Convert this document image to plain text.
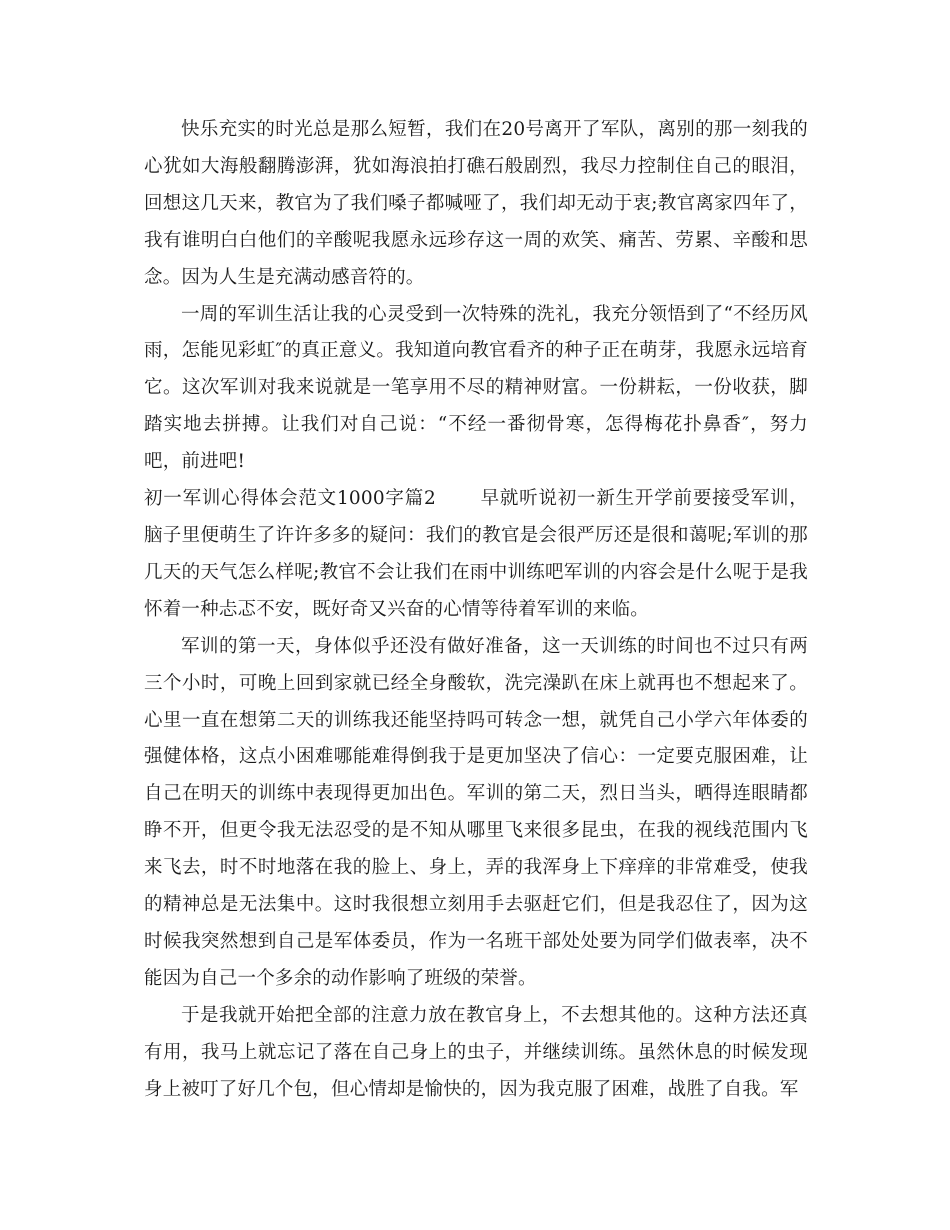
快乐充实的时光总是那么短暂，我们在20号离开了军队，离别的那一刻我的心犹如大海般翻腾澎湃，犹如海浪拍打礁石般剧烈，我尽力控制住自己的眼泪，回想这几天来，教官为了我们嗓子都喊哑了，我们却无动于衷;教官离家四年了，我有谁明白白他们的辛酸呢我愿永远珍存这一周的欢笑、痛苦、劳累、辛酸和思念。因为人生是充满动感音符的。

一周的军训生活让我的心灵受到一次特殊的洗礼，我充分领悟到了“不经历风雨，怎能见彩虹″的真正意义。我知道向教官看齐的种子正在萌芽，我愿永远培育它。这次军训对我来说就是一笔享用不尽的精神财富。一份耕耘，一份收获，脚踏实地去拼搏。让我们对自己说：“不经一番彻骨寒，怎得梅花扑鼻香″，努力吧，前进吧!

初一军训心得体会范文1000字篇2 早就听说初一新生开学前要接受军训，脑子里便萌生了许许多多的疑问：我们的教官是会很严厉还是很和蔼呢;军训的那几天的天气怎么样呢;教官不会让我们在雨中训练吧军训的内容会是什么呢于是我怀着一种忐忑不安，既好奇又兴奋的心情等待着军训的来临。

军训的第一天，身体似乎还没有做好准备，这一天训练的时间也不过只有两三个小时，可晚上回到家就已经全身酸软，洗完澡趴在床上就再也不想起来了。心里一直在想第二天的训练我还能坚持吗可转念一想，就凭自己小学六年体委的强健体格，这点小困难哪能难得倒我于是更加坚决了信心：一定要克服困难，让自己在明天的训练中表现得更加出色。军训的第二天，烈日当头，晒得连眼睛都睁不开，但更令我无法忍受的是不知从哪里飞来很多昆虫，在我的视线范围内飞来飞去，时不时地落在我的脸上、身上，弄的我浑身上下痒痒的非常难受，使我的精神总是无法集中。这时我很想立刻用手去驱赶它们，但是我忍住了，因为这时候我突然想到自己是军体委员，作为一名班干部处处要为同学们做表率，决不能因为自己一个多余的动作影响了班级的荣誉。

于是我就开始把全部的注意力放在教官身上，不去想其他的。这种方法还真有用，我马上就忘记了落在自己身上的虫子，并继续训练。虽然休息的时候发现身上被叮了好几个包，但心情却是愉快的，因为我克服了困难，战胜了自我。军
